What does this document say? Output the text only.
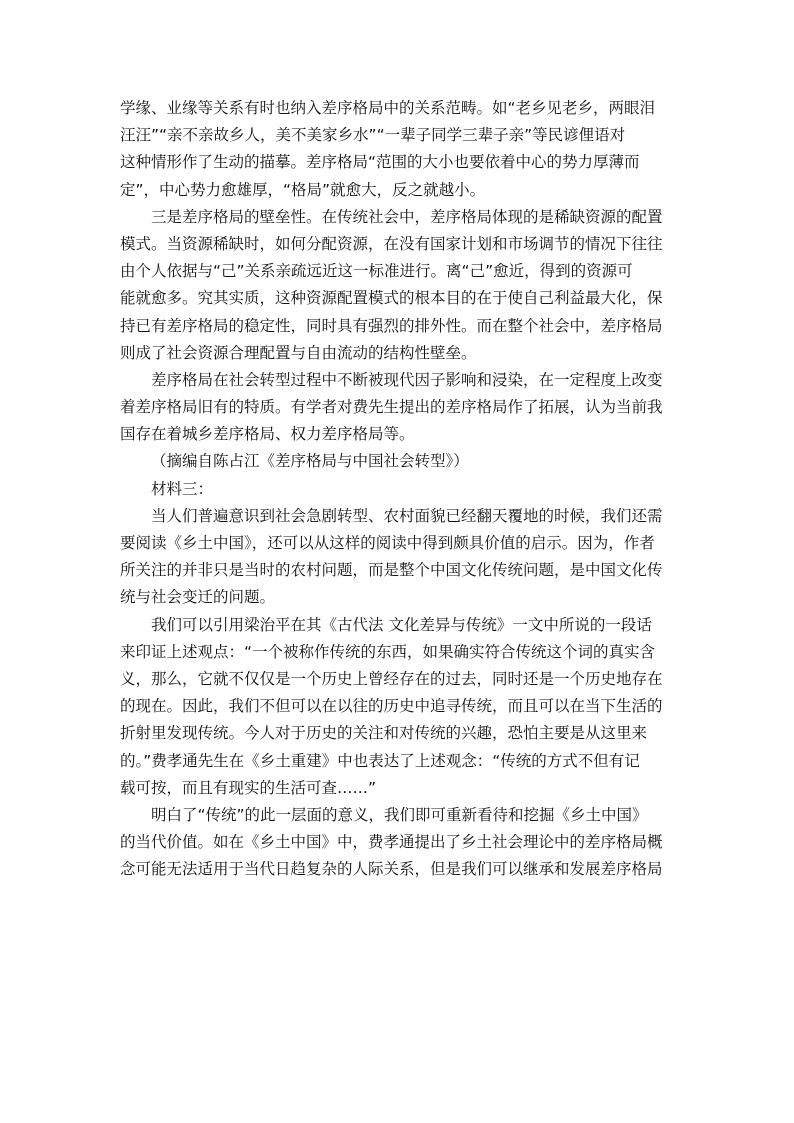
学缘、业缘等关系有时也纳入差序格局中的关系范畴。如“老乡见老乡，两眼泪
汪汪”“亲不亲故乡人，美不美家乡水”“一辈子同学三辈子亲”等民谚俚语对
这种情形作了生动的描摹。差序格局“范围的大小也要依着中心的势力厚薄而
定”，中心势力愈雄厚，“格局”就愈大，反之就越小。

三是差序格局的壁垒性。在传统社会中，差序格局体现的是稀缺资源的配置
模式。当资源稀缺时，如何分配资源，在没有国家计划和市场调节的情况下往往
由个人依据与“己”关系亲疏远近这一标准进行。离“己”愈近，得到的资源可
能就愈多。究其实质，这种资源配置模式的根本目的在于使自己利益最大化，保
持已有差序格局的稳定性，同时具有强烈的排外性。而在整个社会中，差序格局
则成了社会资源合理配置与自由流动的结构性壁垒。

差序格局在社会转型过程中不断被现代因子影响和浸染，在一定程度上改变
着差序格局旧有的特质。有学者对费先生提出的差序格局作了拓展，认为当前我
国存在着城乡差序格局、权力差序格局等。

（摘编自陈占江《差序格局与中国社会转型》）

材料三：

当人们普遍意识到社会急剧转型、农村面貌已经翻天覆地的时候，我们还需
要阅读《乡土中国》，还可以从这样的阅读中得到颇具价值的启示。因为，作者
所关注的并非只是当时的农村问题，而是整个中国文化传统问题，是中国文化传
统与社会变迁的问题。

我们可以引用梁治平在其《古代法 文化差异与传统》一文中所说的一段话
来印证上述观点：“一个被称作传统的东西，如果确实符合传统这个词的真实含
义，那么，它就不仅仅是一个历史上曾经存在的过去，同时还是一个历史地存在
的现在。因此，我们不但可以在以往的历史中追寻传统，而且可以在当下生活的
折射里发现传统。今人对于历史的关注和对传统的兴趣，恐怕主要是从这里来
的。”费孝通先生在《乡土重建》中也表达了上述观念：“传统的方式不但有记
载可按，而且有现实的生活可查……”

明白了“传统”的此一层面的意义，我们即可重新看待和挖掘《乡土中国》
的当代价值。如在《乡土中国》中，费孝通提出了乡土社会理论中的差序格局概
念可能无法适用于当代日趋复杂的人际关系，但是我们可以继承和发展差序格局
